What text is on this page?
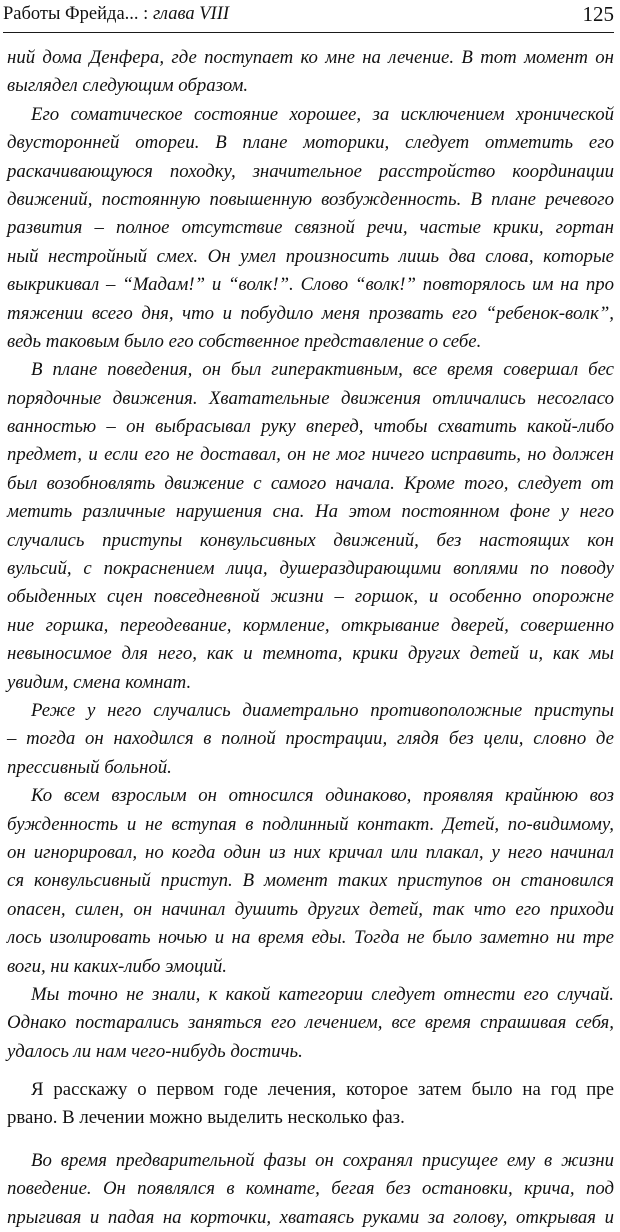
Работы Фрейда... : глава VIII	125
ний дома Денфера, где поступает ко мне на лечение. В тот момент он
выглядел следующим образом.
Его соматическое состояние хорошее, за исключением хронической
двусторонней отореи. В плане моторики, следует отметить его
раскачивающуюся походку, значительное расстройство координации
движений, постоянную повышенную возбужденность. В плане речевого
развития – полное отсутствие связной речи, частые крики, гортан
ный нестройный смех. Он умел произносить лишь два слова, которые
выкрикивал – “Мадам!” и “волк!”. Слово “волк!” повторялось им на про
тяжении всего дня, что и побудило меня прозвать его “ребенок-волк”,
ведь таковым было его собственное представление о себе.
В плане поведения, он был гиперактивным, все время совершал бес
порядочные движения. Хватательные движения отличались несогласо
ванностью – он выбрасывал руку вперед, чтобы схватить какой-либо
предмет, и если его не доставал, он не мог ничего исправить, но должен
был возобновлять движение с самого начала. Кроме того, следует от
метить различные нарушения сна. На этом постоянном фоне у него
случались приступы конвульсивных движений, без настоящих кон
вульсий, с покраснением лица, душераздирающими воплями по поводу
обыденных сцен повседневной жизни – горшок, и особенно опорожне
ние горшка, переодевание, кормление, открывание дверей, совершенно
невыносимое для него, как и темнота, крики других детей и, как мы
увидим, смена комнат.
Реже у него случались диаметрально противоположные приступы
– тогда он находился в полной прострации, глядя без цели, словно де
прессивный больной.
Ко всем взрослым он относился одинаково, проявляя крайнюю воз
бужденность и не вступая в подлинный контакт. Детей, по-видимому,
он игнорировал, но когда один из них кричал или плакал, у него начинал
ся конвульсивный приступ. В момент таких приступов он становился
опасен, силен, он начинал душить других детей, так что его приходи
лось изолировать ночью и на время еды. Тогда не было заметно ни тре
воги, ни каких-либо эмоций.
Мы точно не знали, к какой категории следует отнести его случай.
Однако постарались заняться его лечением, все время спрашивая себя,
удалось ли нам чего-нибудь достичь.
Я расскажу о первом годе лечения, которое затем было на год пре
рвано. В лечении можно выделить несколько фаз.
Во время предварительной фазы он сохранял присущее ему в жизни
поведение. Он появлялся в комнате, бегая без остановки, крича, под
прыгивая и падая на корточки, хватаясь руками за голову, открывая и
